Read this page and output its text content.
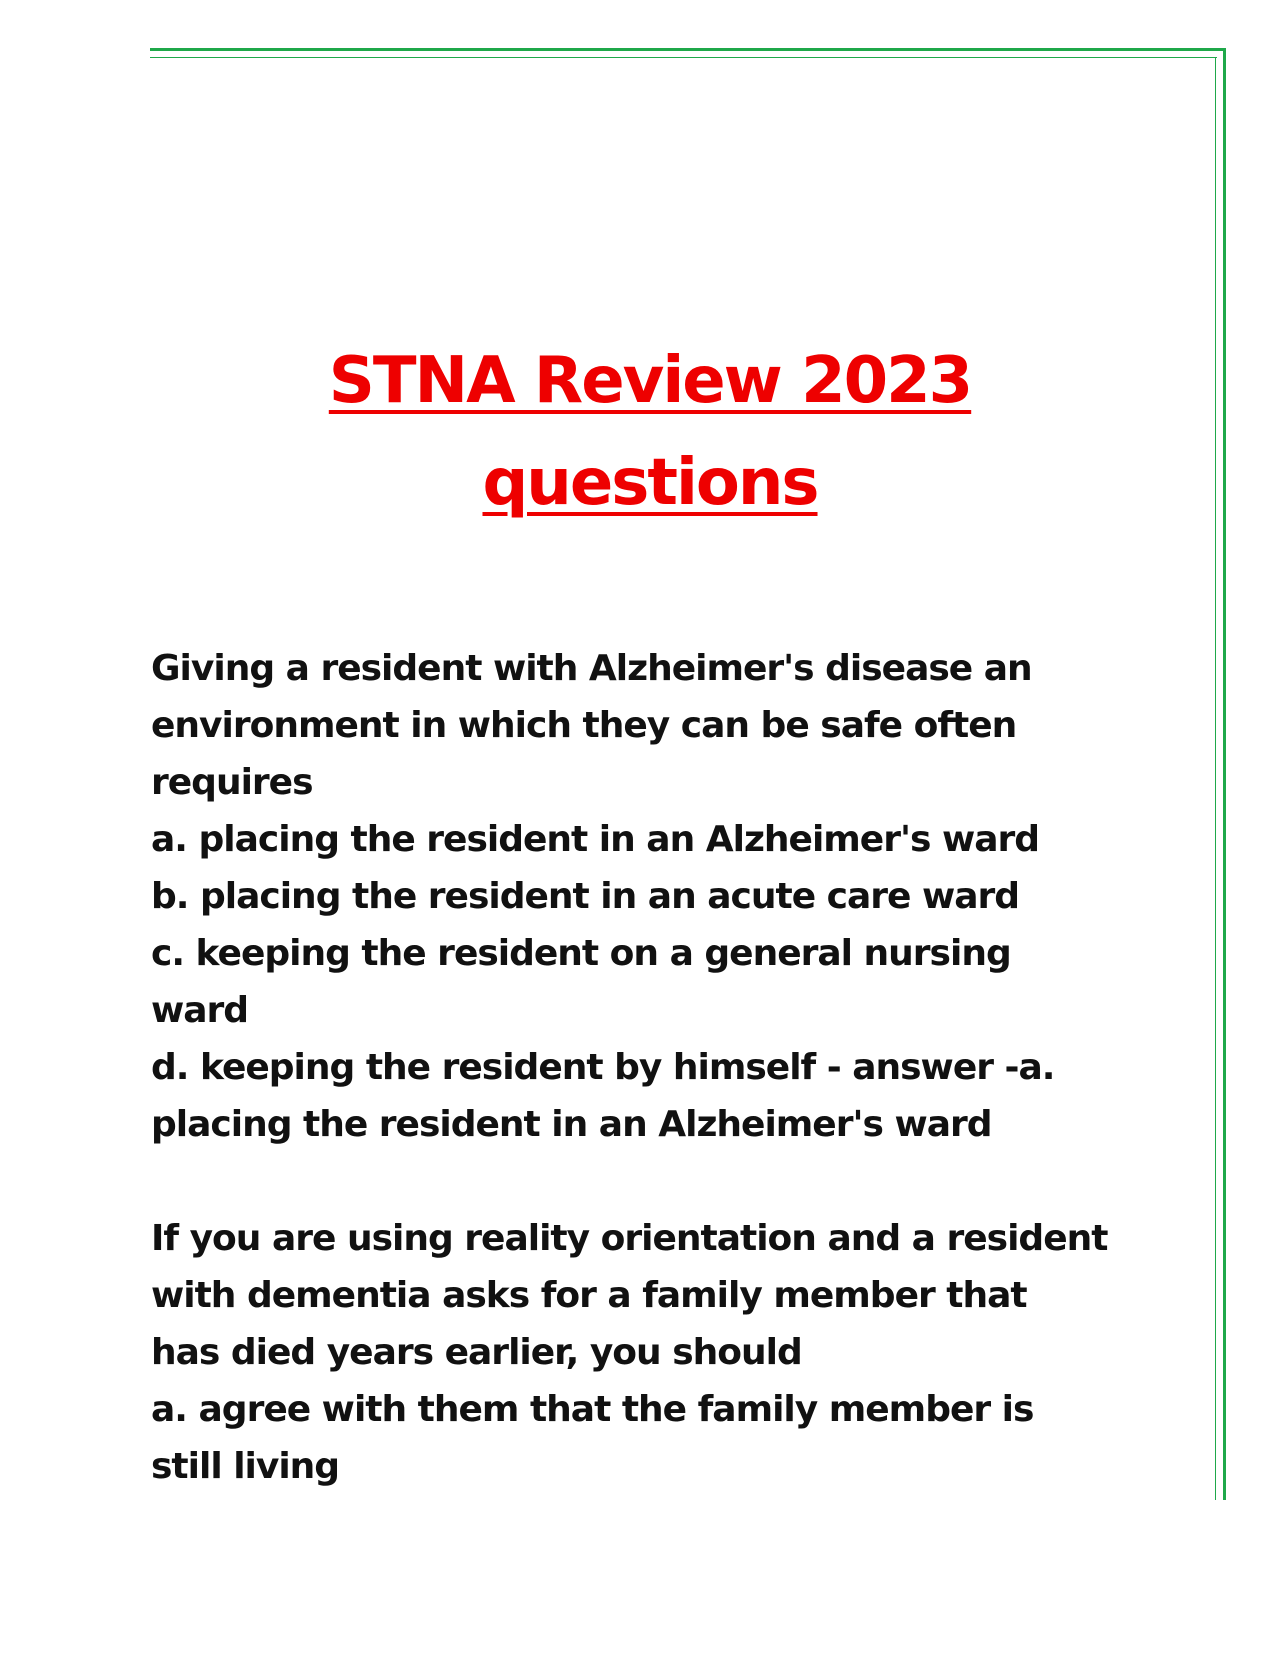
STNA Review 2023
questions
Giving a resident with Alzheimer's disease an
environment in which they can be safe often
requires
a. placing the resident in an Alzheimer's ward
b. placing the resident in an acute care ward
c. keeping the resident on a general nursing
ward
d. keeping the resident by himself - answer -a.
placing the resident in an Alzheimer's ward
If you are using reality orientation and a resident
with dementia asks for a family member that
has died years earlier, you should
a. agree with them that the family member is
still living
